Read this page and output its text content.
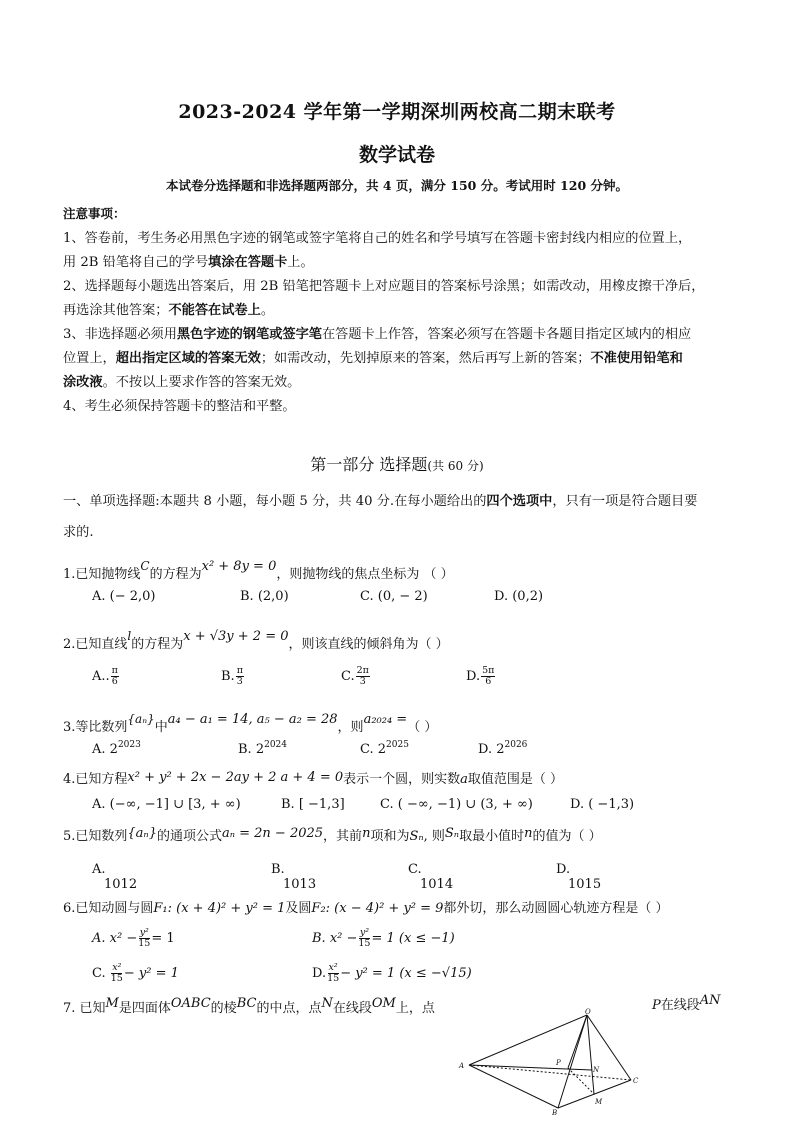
2023-2024 学年第一学期深圳两校高二期末联考
数学试卷
本试卷分选择题和非选择题两部分，共 4 页，满分 150 分。考试用时 120 分钟。
注意事项：
1、答卷前，考生务必用黑色字迹的钢笔或签字笔将自己的姓名和学号填写在答题卡密封线内相应的位置上，
用 2B 铅笔将自己的学号填涂在答题卡上。
2、选择题每小题选出答案后，用 2B 铅笔把答题卡上对应题目的答案标号涂黑；如需改动，用橡皮擦干净后，
再选涂其他答案；不能答在试卷上。
3、非选择题必须用黑色字迹的钢笔或签字笔在答题卡上作答，答案必须写在答题卡各题目指定区域内的相应
位置上，超出指定区域的答案无效；如需改动，先划掉原来的答案，然后再写上新的答案；不准使用铅笔和
涂改液。不按以上要求作答的答案无效。
4、考生必须保持答题卡的整洁和平整。
第一部分 选择题(共 60 分)
一、单项选择题:本题共 8 小题，每小题 5 分，共 40 分.在每小题给出的四个选项中，只有一项是符合题目要
求的.
1.已知抛物线C的方程为x² + 8y = 0，则抛物线的焦点坐标为 （ ）
A. (− 2,0)	B. (2,0)	C. (0, − 2)	D. (0,2)
2.已知直线l的方程为x + √3y + 2 = 0，则该直线的倾斜角为（ ）
A.. $\frac{\pi}{6}$	B. $\frac{\pi}{3}$	C. $\frac{2\pi}{3}$	D. $\frac{5\pi}{6}$
3.等比数列{aₙ}中a₄ − a₁ = 14, a₅ − a₂ = 28，则a₂₀₂₄ =（ ）
A. $2^{2023}$	B. $2^{2024}$	C. $2^{2025}$	D. $2^{2026}$
4.已知方程x² + y² + 2x − 2ay + 2 a + 4 = 0表示一个圆，则实数a取值范围是（ ）
A. (−∞, −1] ∪ [3, + ∞)	B. [ −1,3]	C. ( −∞, −1) ∪ (3, + ∞)	D. ( −1,3)
5.已知数列{aₙ}的通项公式aₙ = 2n − 2025，其前n项和为Sₙ, 则Sₙ取最小值时n的值为（ ）
A.
1012
B.
1013
C.
1014
D.
1015
6.已知动圆与圆F₁: (x + 4)² + y² = 1及圆F₂: (x − 4)² + y² = 9都外切，那么动圆圆心轨迹方程是（ ）
A. $x^2 - \frac{\text{y²}}{15} = 1$	B. $x^2 - \frac{\text{y²}}{15} = 1$ (x ≤ −1)
C. $\frac{\text{x²}}{15} - y^2 = 1$	D. $\frac{\text{x²}}{15} - y^2 = 1$ (x ≤ −√15)
7. 已知M是四面体OABC的棱BC的中点，点N在线段OM上，点	P在线段AN
O
A
B
C
M
N
P
